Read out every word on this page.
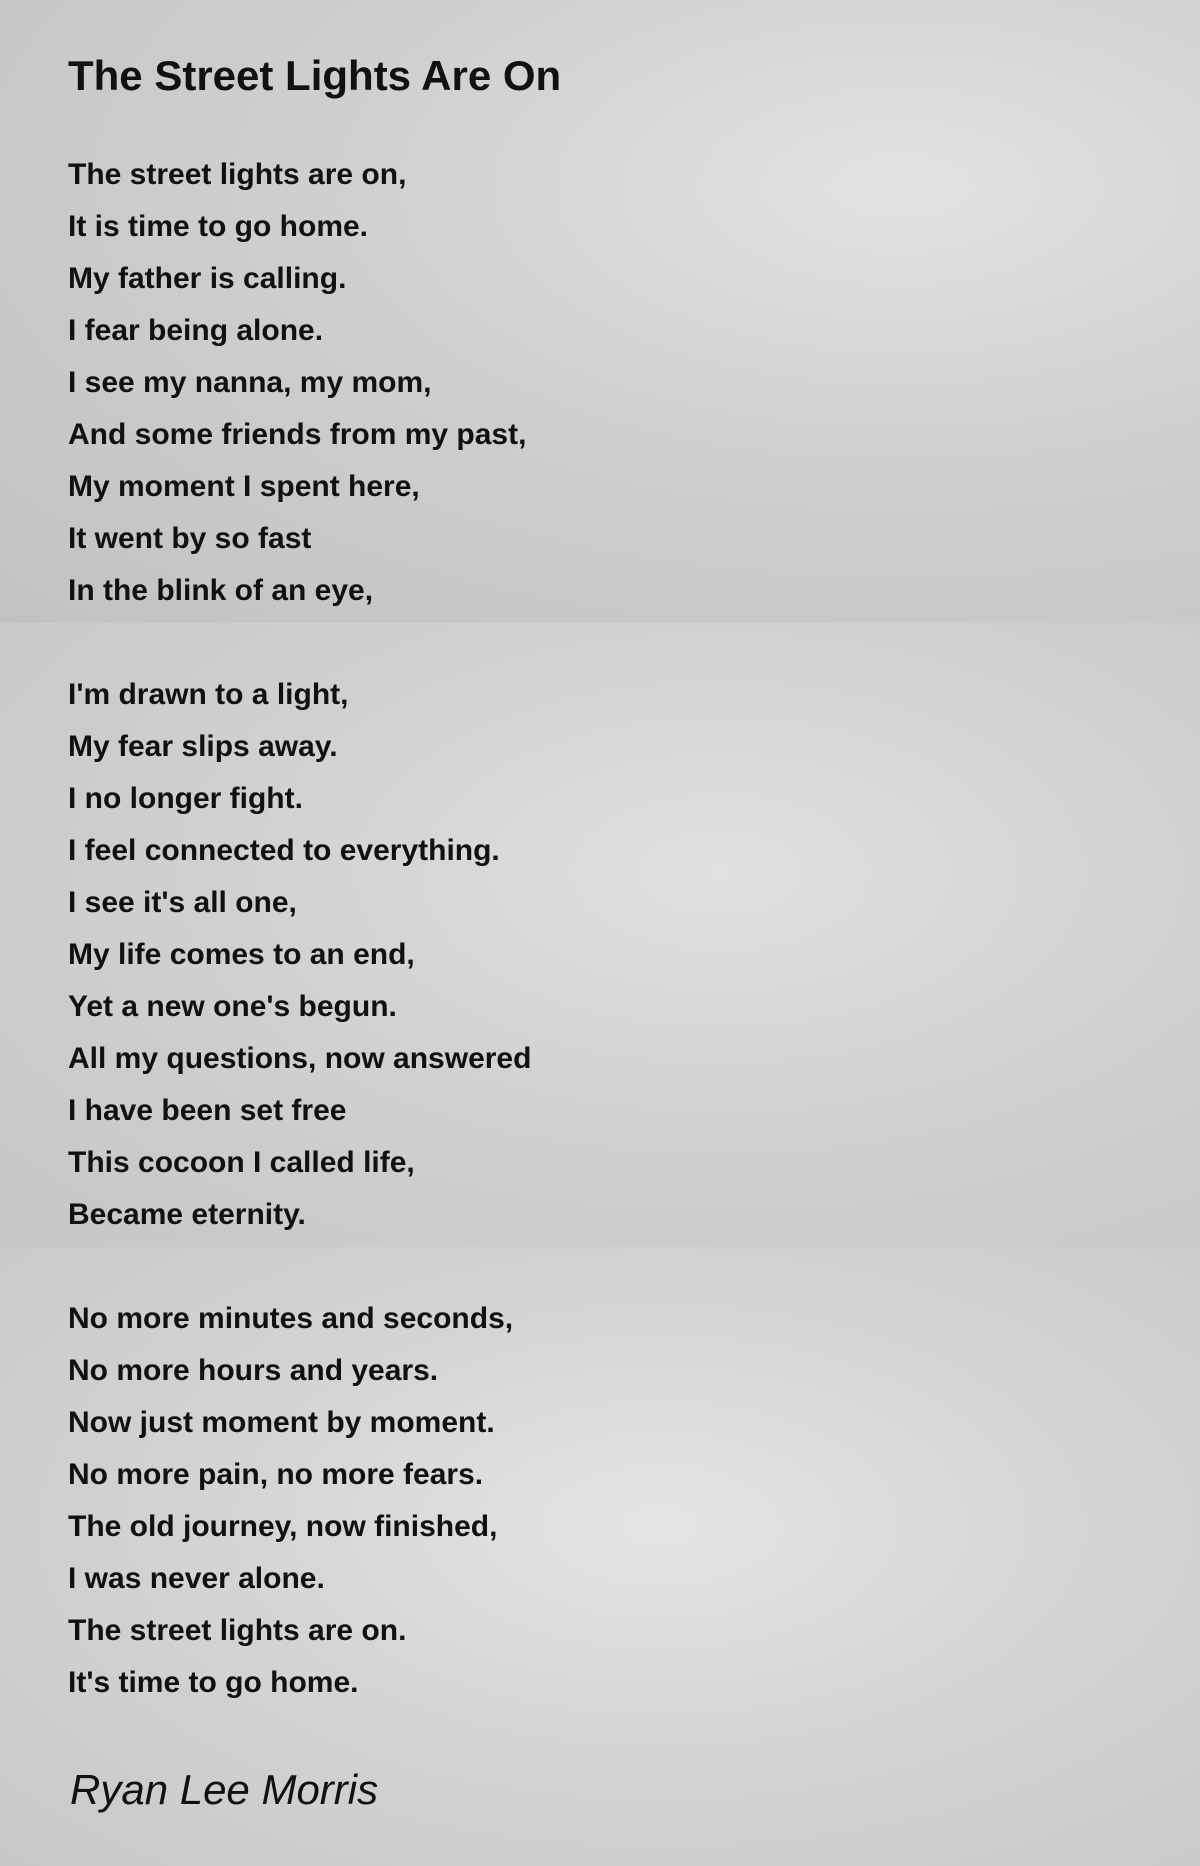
The Street Lights Are On
The street lights are on,
It is time to go home.
My father is calling.
I fear being alone.
I see my nanna, my mom,
And some friends from my past,
My moment I spent here,
It went by so fast
In the blink of an eye,
I'm drawn to a light,
My fear slips away.
I no longer fight.
I feel connected to everything.
I see it's all one,
My life comes to an end,
Yet a new one's begun.
All my questions, now answered
I have been set free
This cocoon I called life,
Became eternity.
No more minutes and seconds,
No more hours and years.
Now just moment by moment.
No more pain, no more fears.
The old journey, now finished,
I was never alone.
The street lights are on.
It's time to go home.
Ryan Lee Morris
